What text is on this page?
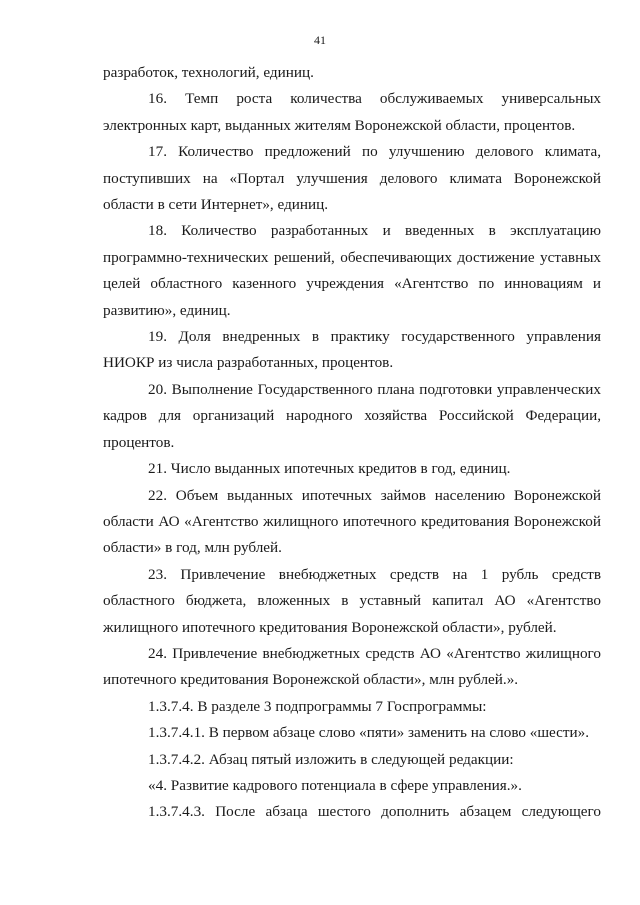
41

разработок, технологий, единиц.

16. Темп роста количества обслуживаемых универсальных электронных карт, выданных жителям Воронежской области, процентов.

17. Количество предложений по улучшению делового климата, поступивших на «Портал улучшения делового климата Воронежской области в сети Интернет», единиц.

18. Количество разработанных и введенных в эксплуатацию программно-технических решений, обеспечивающих достижение уставных целей областного казенного учреждения «Агентство по инновациям и развитию», единиц.

19. Доля внедренных в практику государственного управления НИОКР из числа разработанных, процентов.

20. Выполнение Государственного плана подготовки управленческих кадров для организаций народного хозяйства Российской Федерации, процентов.

21. Число выданных ипотечных кредитов в год, единиц.

22. Объем выданных ипотечных займов населению Воронежской области АО «Агентство жилищного ипотечного кредитования Воронежской области» в год, млн рублей.

23. Привлечение внебюджетных средств на 1 рубль средств областного бюджета, вложенных в уставный капитал АО «Агентство жилищного ипотечного кредитования Воронежской области», рублей.

24. Привлечение внебюджетных средств АО «Агентство жилищного ипотечного кредитования Воронежской области», млн рублей.».

1.3.7.4. В разделе 3 подпрограммы 7 Госпрограммы:

1.3.7.4.1. В первом абзаце слово «пяти» заменить на слово «шести».

1.3.7.4.2. Абзац пятый изложить в следующей редакции:

«4. Развитие кадрового потенциала в сфере управления.».

1.3.7.4.3. После абзаца шестого дополнить абзацем следующего
